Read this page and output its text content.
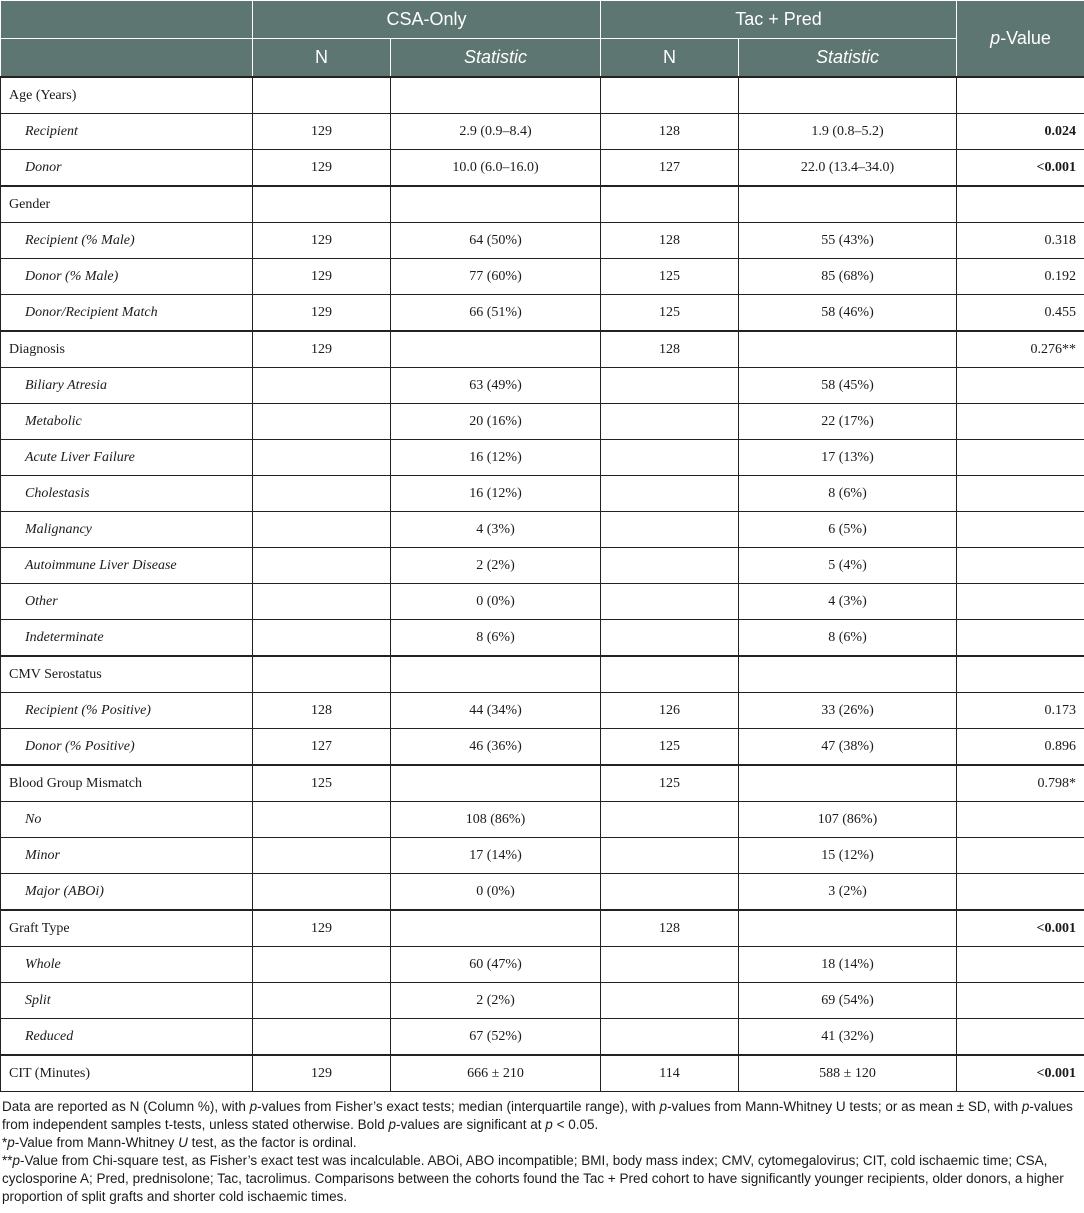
	CSA-Only		Tac + Pred		p-Value
	N	Statistic	N	Statistic	
Age (Years)					
Recipient	129	2.9 (0.9–8.4)	128	1.9 (0.8–5.2)	0.024
Donor	129	10.0 (6.0–16.0)	127	22.0 (13.4–34.0)	<0.001
Gender					
Recipient (% Male)	129	64 (50%)	128	55 (43%)	0.318
Donor (% Male)	129	77 (60%)	125	85 (68%)	0.192
Donor/Recipient Match	129	66 (51%)	125	58 (46%)	0.455
Diagnosis	129		128		0.276**
Biliary Atresia		63 (49%)		58 (45%)	
Metabolic		20 (16%)		22 (17%)	
Acute Liver Failure		16 (12%)		17 (13%)	
Cholestasis		16 (12%)		8 (6%)	
Malignancy		4 (3%)		6 (5%)	
Autoimmune Liver Disease		2 (2%)		5 (4%)	
Other		0 (0%)		4 (3%)	
Indeterminate		8 (6%)		8 (6%)	
CMV Serostatus					
Recipient (% Positive)	128	44 (34%)	126	33 (26%)	0.173
Donor (% Positive)	127	46 (36%)	125	47 (38%)	0.896
Blood Group Mismatch	125		125		0.798*
No		108 (86%)		107 (86%)	
Minor		17 (14%)		15 (12%)	
Major (ABOi)		0 (0%)		3 (2%)	
Graft Type	129		128		<0.001
Whole		60 (47%)		18 (14%)	
Split		2 (2%)		69 (54%)	
Reduced		67 (52%)		41 (32%)	
CIT (Minutes)	129	666 ± 210	114	588 ± 120	<0.001

Data are reported as N (Column %), with p-values from Fisher’s exact tests; median (interquartile range), with p-values from Mann-Whitney U tests; or as mean ± SD, with p-values from independent samples t-tests, unless stated otherwise. Bold p-values are significant at p < 0.05.

*p-Value from Mann-Whitney U test, as the factor is ordinal.

**p-Value from Chi-square test, as Fisher’s exact test was incalculable. ABOi, ABO incompatible; BMI, body mass index; CMV, cytomegalovirus; CIT, cold ischaemic time; CSA, cyclosporine A; Pred, prednisolone; Tac, tacrolimus. Comparisons between the cohorts found the Tac + Pred cohort to have significantly younger recipients, older donors, a higher proportion of split grafts and shorter cold ischaemic times.
